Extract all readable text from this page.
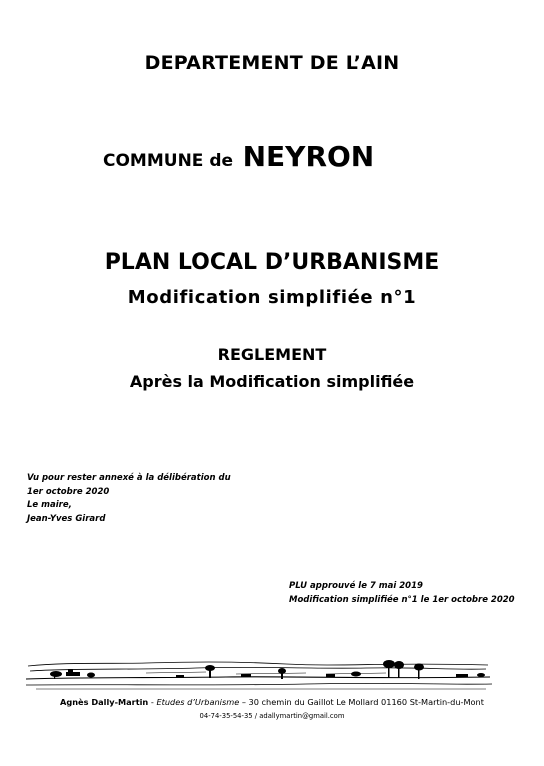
DEPARTEMENT DE L’AIN
COMMUNE de NEYRON
PLAN LOCAL D’URBANISME
Modification simplifiée n°1
REGLEMENT
Après la Modification simplifiée
Vu pour rester annexé à la délibération du
1er octobre 2020
Le maire,
Jean-Yves Girard
PLU approuvé le 7 mai 2019
Modification simplifiée n°1 le 1er octobre 2020
Agnès Dally-Martin - Etudes d’Urbanisme – 30 chemin du Gaillot Le Mollard 01160 St-Martin-du-Mont
04-74-35-54-35 / adallymartin@gmail.com
